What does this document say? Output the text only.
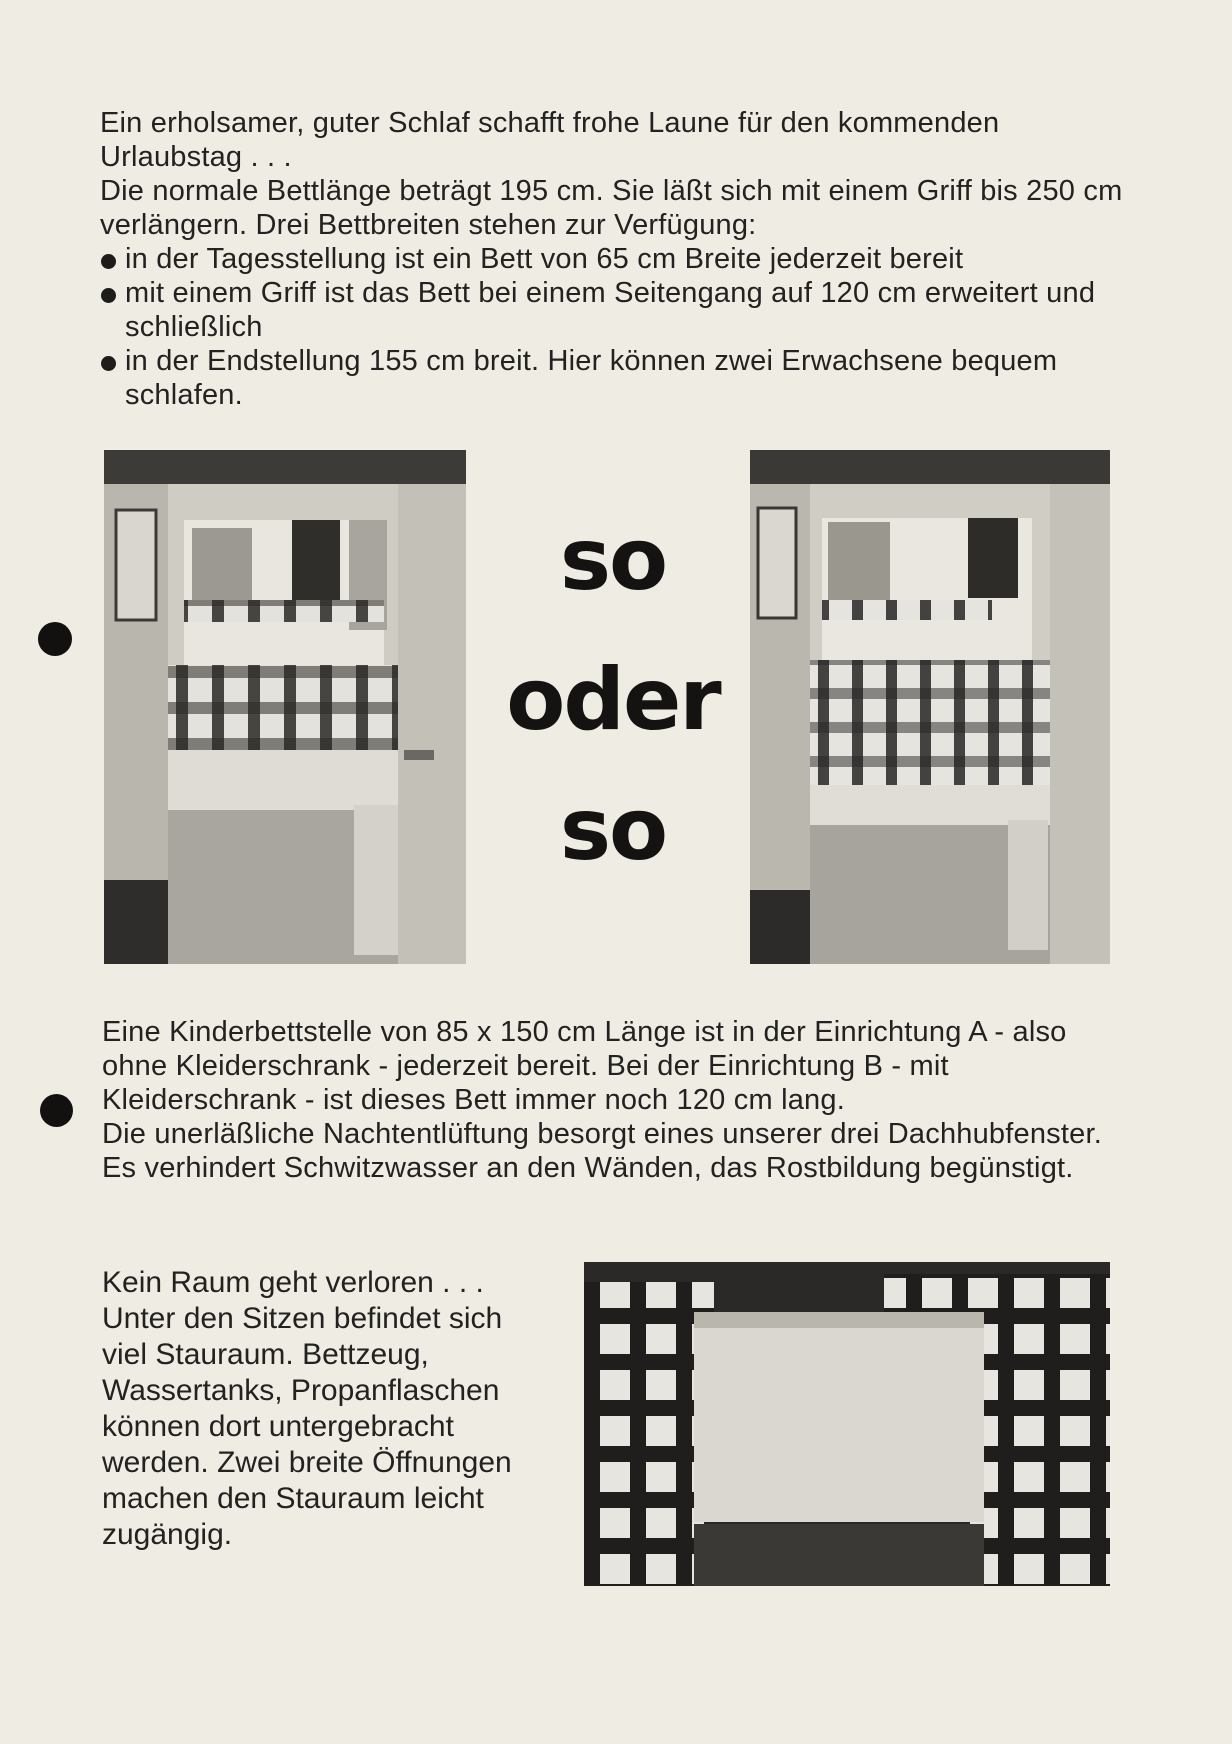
Ein erholsamer, guter Schlaf schafft frohe Laune für den kommenden Urlaubstag . . .

Die normale Bettlänge beträgt 195 cm. Sie läßt sich mit einem Griff bis 250 cm verlängern. Drei Bettbreiten stehen zur Verfügung:

in der Tagesstellung ist ein Bett von 65 cm Breite jederzeit bereit
mit einem Griff ist das Bett bei einem Seitengang auf 120 cm erweitert und schließlich
in der Endstellung 155 cm breit. Hier können zwei Erwachsene bequem schlafen.
so
oder
so

Eine Kinderbettstelle von 85 x 150 cm Länge ist in der Einrichtung A - also ohne Kleiderschrank - jederzeit bereit. Bei der Einrichtung B - mit Kleiderschrank - ist dieses Bett immer noch 120 cm lang.

Die unerläßliche Nachtentlüftung besorgt eines unserer drei Dachhubfenster. Es verhindert Schwitzwasser an den Wänden, das Rostbildung begünstigt.

Kein Raum geht verloren . . .

Unter den Sitzen befindet sich viel Stauraum. Bettzeug, Wassertanks, Propanflaschen können dort untergebracht werden. Zwei breite Öffnungen machen den Stauraum leicht zugängig.
